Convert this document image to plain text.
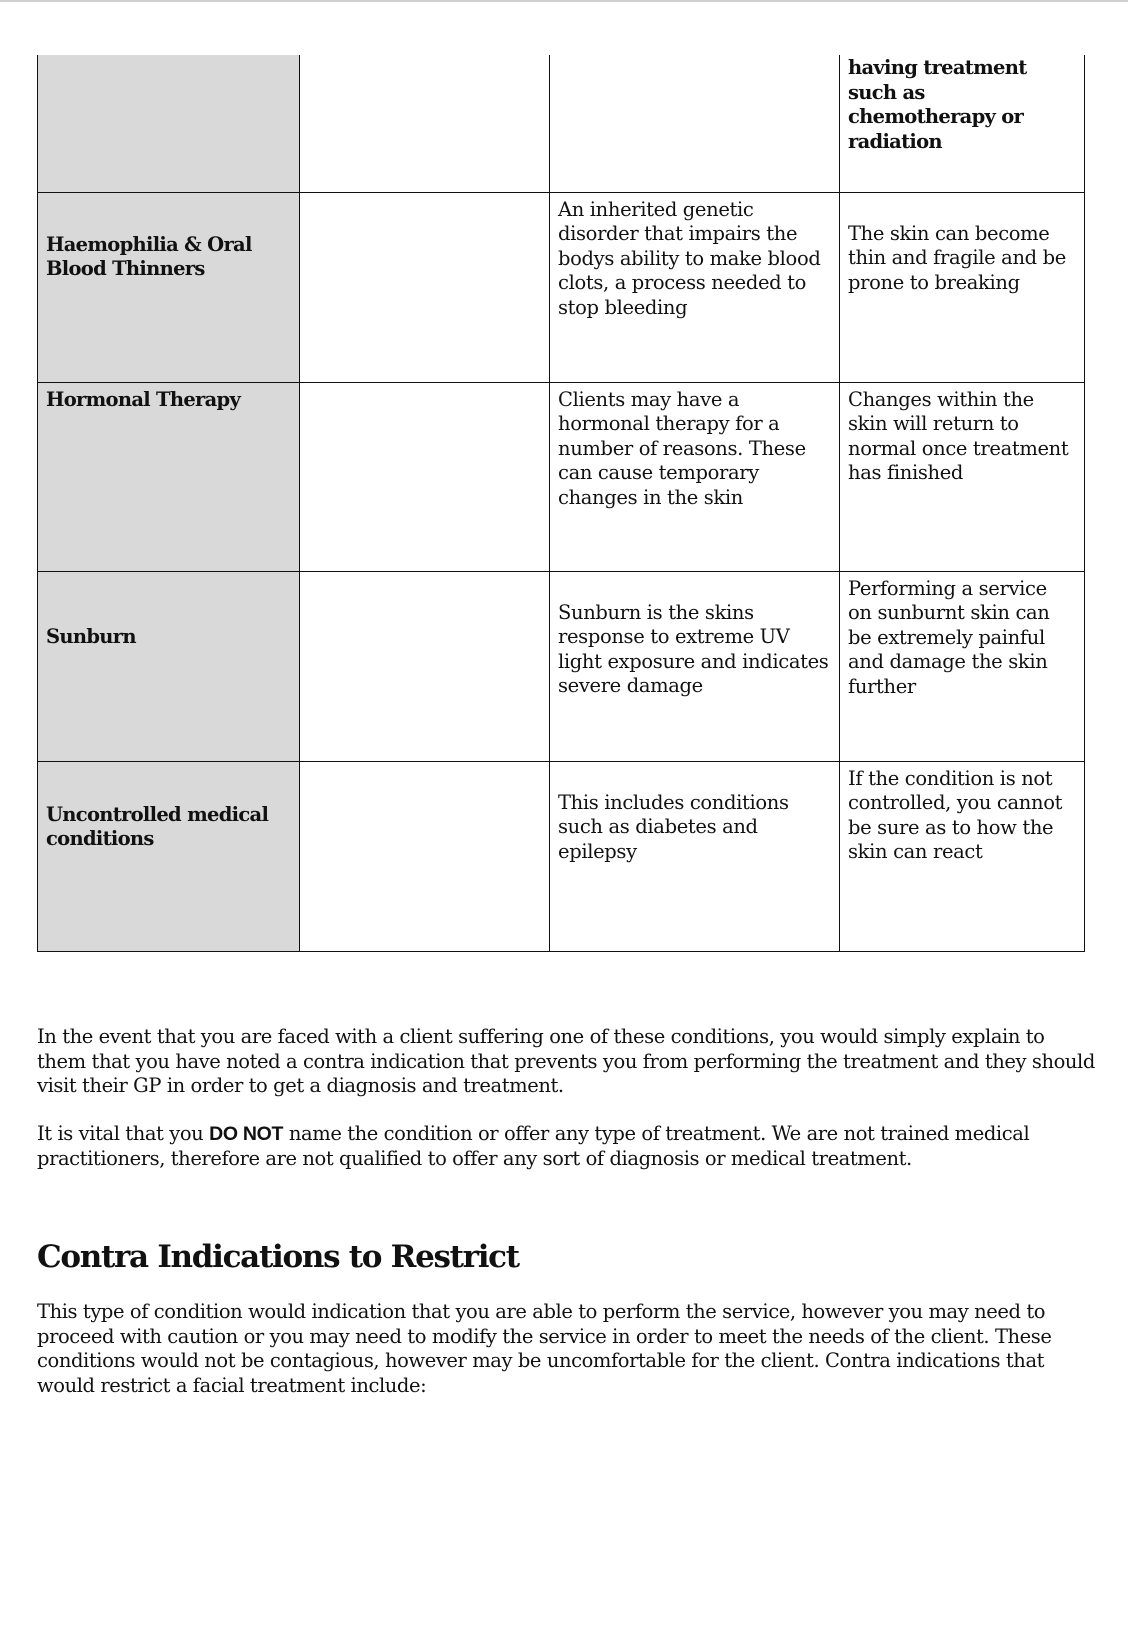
			having treatment such as chemotherapy or radiation

Haemophilia & Oral Blood Thinners		An inherited genetic disorder that impairs the bodys ability to make blood clots, a process needed to stop bleeding	The skin can become thin and fragile and be prone to breaking

Hormonal Therapy		Clients may have a hormonal therapy for a number of reasons. These can cause temporary changes in the skin	Changes within the skin will return to normal once treatment has finished

Sunburn		Sunburn is the skins response to extreme UV light exposure and indicates severe damage	Performing a service on sunburnt skin can be extremely painful and damage the skin further

Uncontrolled medical conditions		This includes conditions such as diabetes and epilepsy	If the condition is not controlled, you cannot be sure as to how the skin can react

In the event that you are faced with a client suffering one of these conditions, you would simply explain to them that you have noted a contra indication that prevents you from performing the treatment and they should visit their GP in order to get a diagnosis and treatment.

It is vital that you DO NOT name the condition or offer any type of treatment. We are not trained medical practitioners, therefore are not qualified to offer any sort of diagnosis or medical treatment.

Contra Indications to Restrict

This type of condition would indication that you are able to perform the service, however you may need to proceed with caution or you may need to modify the service in order to meet the needs of the client. These conditions would not be contagious, however may be uncomfortable for the client. Contra indications that would restrict a facial treatment include:
